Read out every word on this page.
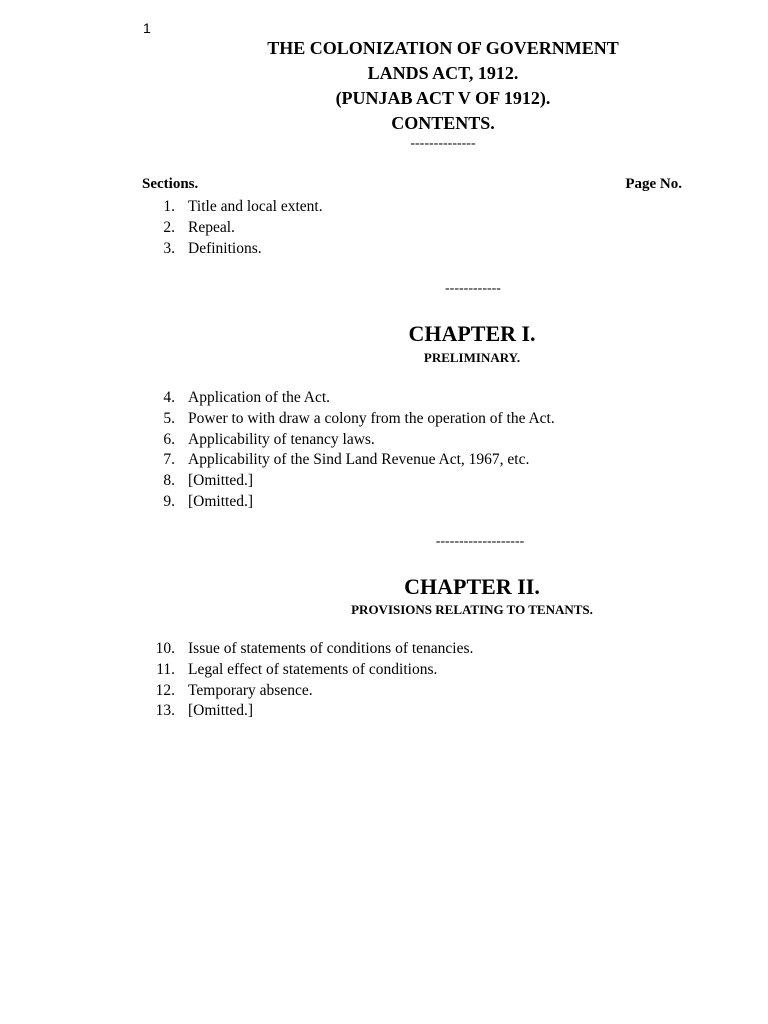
1
THE COLONIZATION OF GOVERNMENT
LANDS ACT, 1912.
(PUNJAB ACT V OF 1912).
CONTENTS.
--------------
Sections.	Page No.
1. Title and local extent.
2. Repeal.
3. Definitions.
------------
CHAPTER I.
PRELIMINARY.
4. Application of the Act.
5. Power to with draw a colony from the operation of the Act.
6. Applicability of tenancy laws.
7. Applicability of the Sind Land Revenue Act, 1967, etc.
8. [Omitted.]
9. [Omitted.]
-------------------
CHAPTER II.
PROVISIONS RELATING TO TENANTS.
10. Issue of statements of conditions of tenancies.
11. Legal effect of statements of conditions.
12. Temporary absence.
13. [Omitted.]
